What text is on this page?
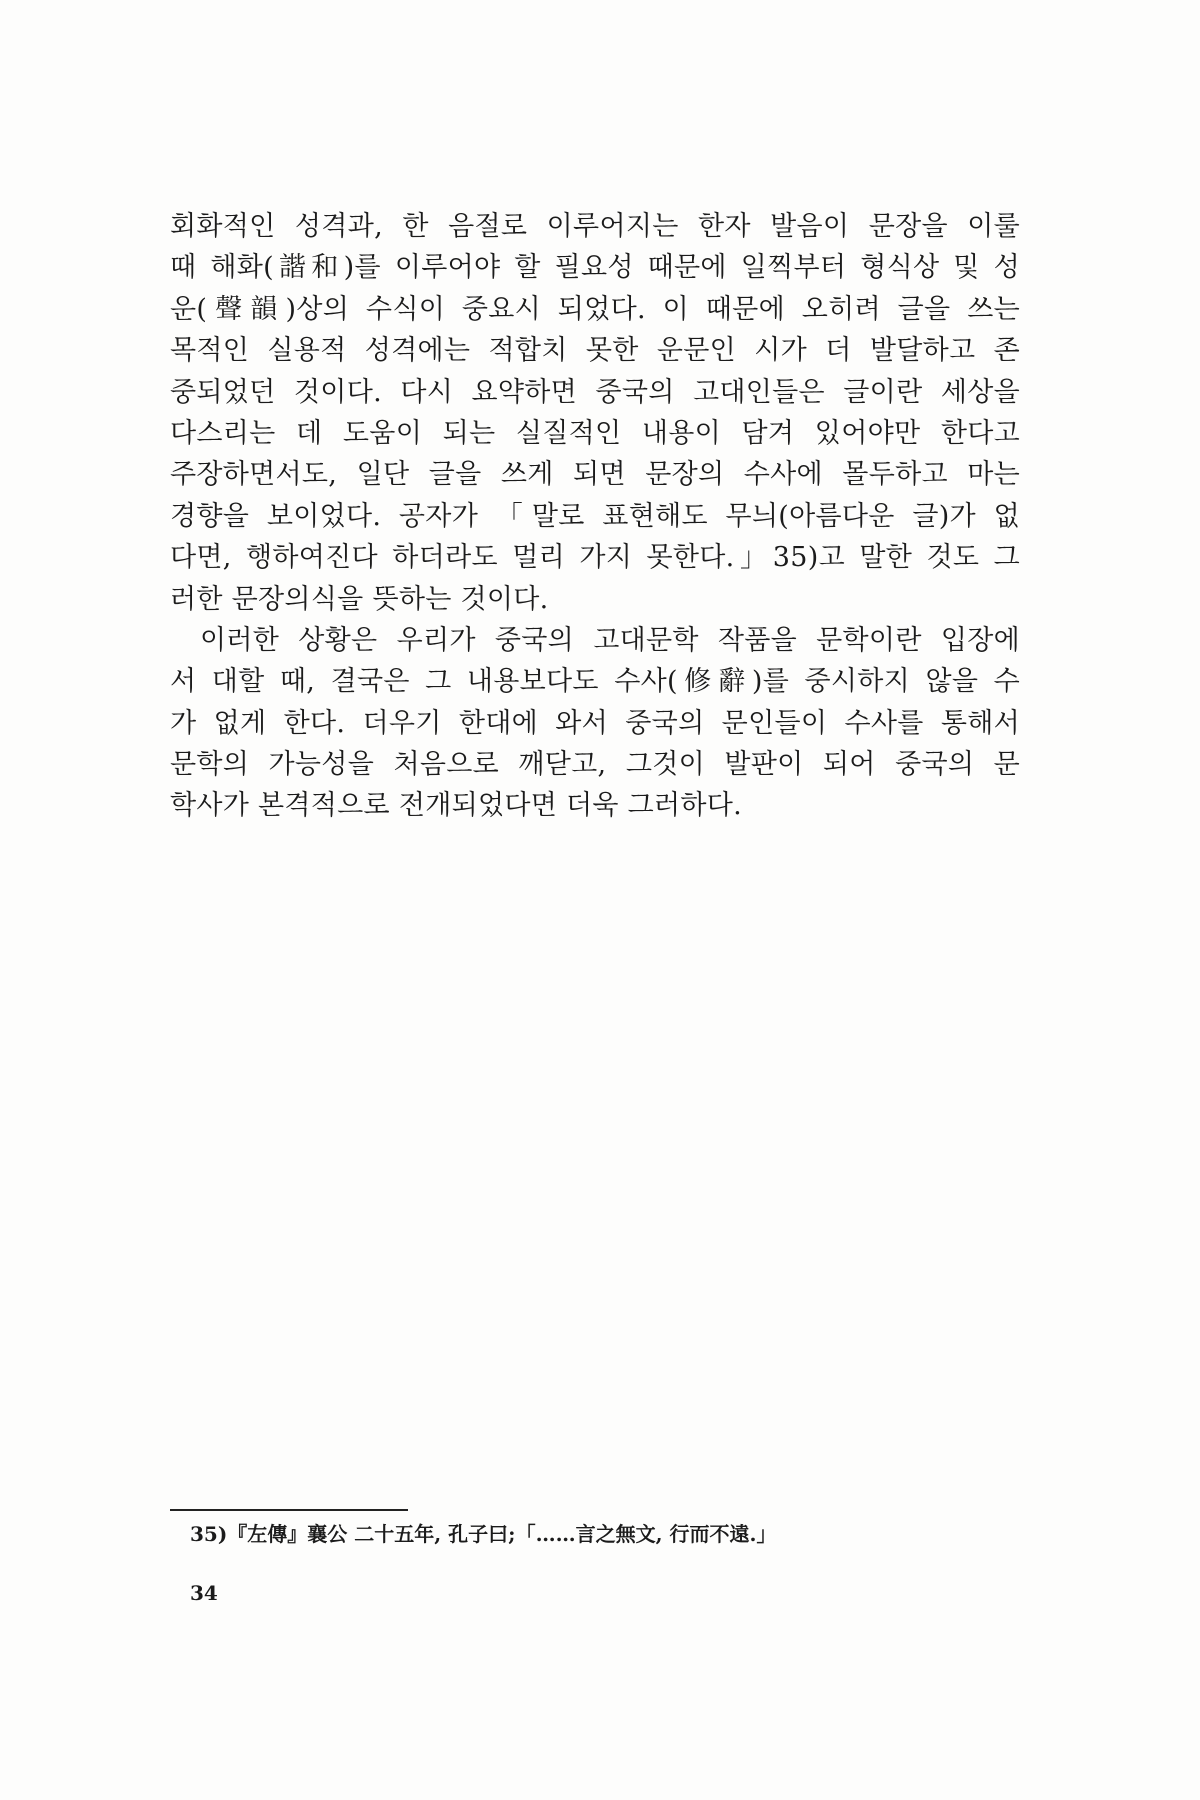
회화적인 성격과, 한 음절로 이루어지는 한자 발음이 문장을 이룰
때 해화(諧和)를 이루어야 할 필요성 때문에 일찍부터 형식상 및 성
운(聲韻)상의 수식이 중요시 되었다. 이 때문에 오히려 글을 쓰는
목적인 실용적 성격에는 적합치 못한 운문인 시가 더 발달하고 존
중되었던 것이다. 다시 요약하면 중국의 고대인들은 글이란 세상을
다스리는 데 도움이 되는 실질적인 내용이 담겨 있어야만 한다고
주장하면서도, 일단 글을 쓰게 되면 문장의 수사에 몰두하고 마는
경향을 보이었다. 공자가 「말로 표현해도 무늬(아름다운 글)가 없
다면, 행하여진다 하더라도 멀리 가지 못한다.」35)고 말한 것도 그
러한 문장의식을 뜻하는 것이다.
이러한 상황은 우리가 중국의 고대문학 작품을 문학이란 입장에
서 대할 때, 결국은 그 내용보다도 수사(修辭)를 중시하지 않을 수
가 없게 한다. 더우기 한대에 와서 중국의 문인들이 수사를 통해서
문학의 가능성을 처음으로 깨닫고, 그것이 발판이 되어 중국의 문
학사가 본격적으로 전개되었다면 더욱 그러하다.
35)『左傳』襄公 二十五年, 孔子曰;「……言之無文, 行而不遠.」
34
